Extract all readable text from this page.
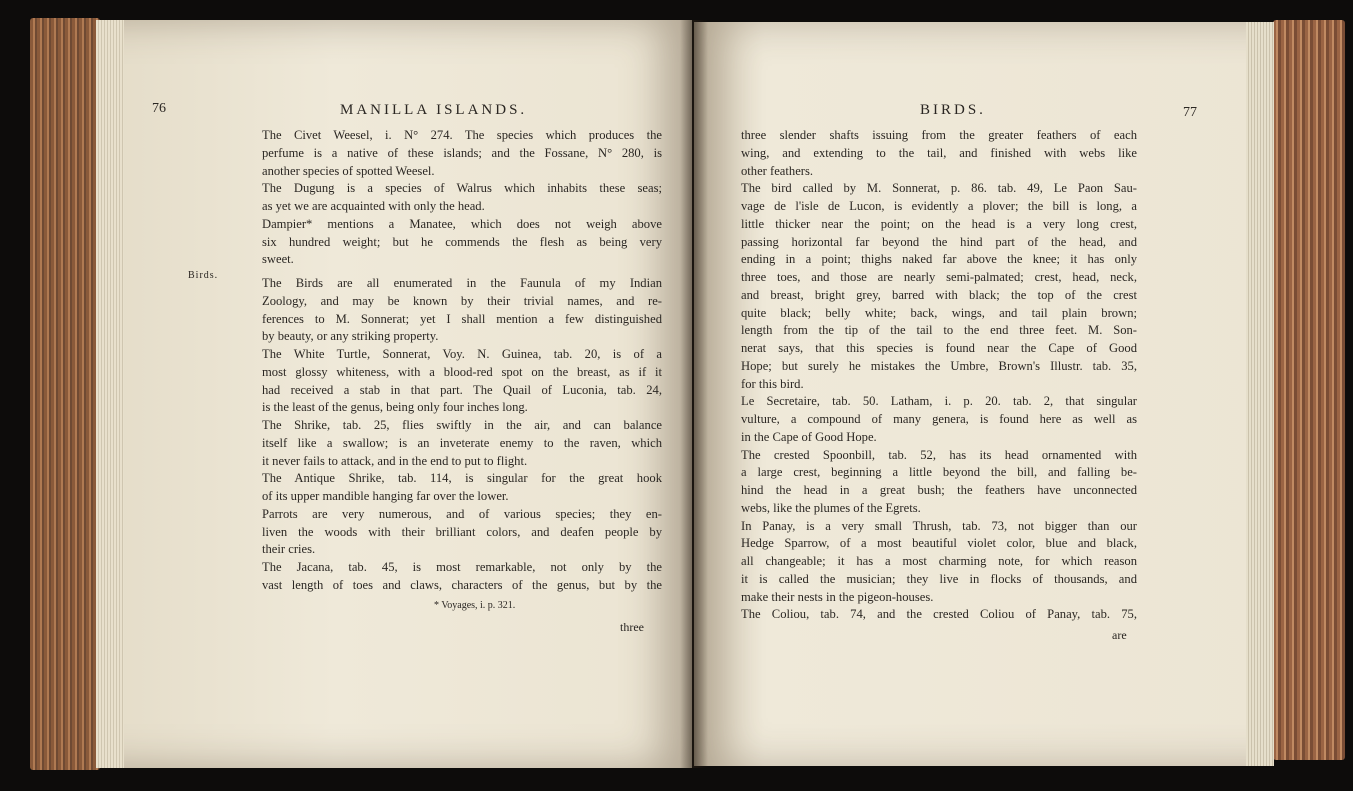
76	MANILLA ISLANDS.
Birds.
The Civet Weesel, i. N° 274. The species which produces the
perfume is a native of these islands; and the Fossane, N° 280, is
another species of spotted Weesel.
The Dugung is a species of Walrus which inhabits these seas;
as yet we are acquainted with only the head.
Dampier* mentions a Manatee, which does not weigh above
six hundred weight; but he commends the flesh as being very
sweet.
The Birds are all enumerated in the Faunula of my Indian
Zoology, and may be known by their trivial names, and re-
ferences to M. Sonnerat; yet I shall mention a few distinguished
by beauty, or any striking property.
The White Turtle, Sonnerat, Voy. N. Guinea, tab. 20, is of a
most glossy whiteness, with a blood-red spot on the breast, as if it
had received a stab in that part. The Quail of Luconia, tab. 24,
is the least of the genus, being only four inches long.
The Shrike, tab. 25, flies swiftly in the air, and can balance
itself like a swallow; is an inveterate enemy to the raven, which
it never fails to attack, and in the end to put to flight.
The Antique Shrike, tab. 114, is singular for the great hook
of its upper mandible hanging far over the lower.
Parrots are very numerous, and of various species; they en-
liven the woods with their brilliant colors, and deafen people by
their cries.
The Jacana, tab. 45, is most remarkable, not only by the
vast length of toes and claws, characters of the genus, but by the
* Voyages, i. p. 321.
three
BIRDS.	77
three slender shafts issuing from the greater feathers of each
wing, and extending to the tail, and finished with webs like
other feathers.
The bird called by M. Sonnerat, p. 86. tab. 49, Le Paon Sau-
vage de l'isle de Lucon, is evidently a plover; the bill is long, a
little thicker near the point; on the head is a very long crest,
passing horizontal far beyond the hind part of the head, and
ending in a point; thighs naked far above the knee; it has only
three toes, and those are nearly semi-palmated; crest, head, neck,
and breast, bright grey, barred with black; the top of the crest
quite black; belly white; back, wings, and tail plain brown;
length from the tip of the tail to the end three feet. M. Son-
nerat says, that this species is found near the Cape of Good
Hope; but surely he mistakes the Umbre, Brown's Illustr. tab. 35,
for this bird.
Le Secretaire, tab. 50. Latham, i. p. 20. tab. 2, that singular
vulture, a compound of many genera, is found here as well as
in the Cape of Good Hope.
The crested Spoonbill, tab. 52, has its head ornamented with
a large crest, beginning a little beyond the bill, and falling be-
hind the head in a great bush; the feathers have unconnected
webs, like the plumes of the Egrets.
In Panay, is a very small Thrush, tab. 73, not bigger than our
Hedge Sparrow, of a most beautiful violet color, blue and black,
all changeable; it has a most charming note, for which reason
it is called the musician; they live in flocks of thousands, and
make their nests in the pigeon-houses.
The Coliou, tab. 74, and the crested Coliou of Panay, tab. 75,
are
